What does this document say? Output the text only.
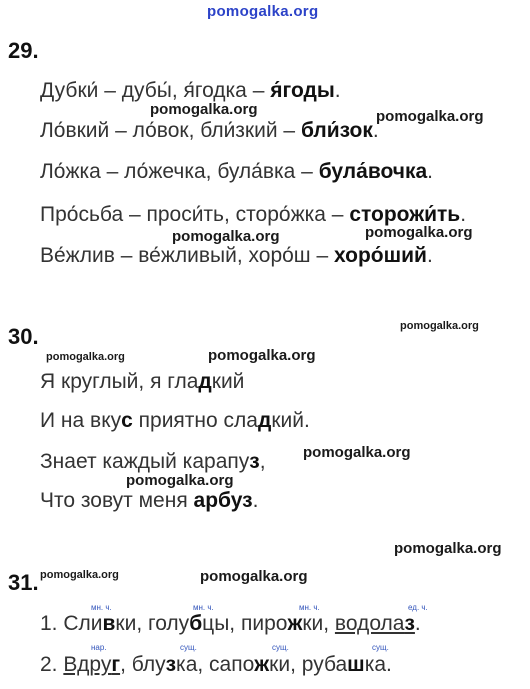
pomogalka.org
29.
Дубки́ – дубы́, я́годка – я́годы.
pomogalka.org	pomogalka.org
Ло́вкий – ло́вок, бли́зкий – бли́зок.
Ло́жка – ло́жечка, була́вка – була́вочка.
Про́сьба – проси́ть, сторо́жка – сторожи́ть.
pomogalka.org	pomogalka.org
Ве́жлив – ве́жливый, хоро́ш – хоро́ший.
pomogalka.org
30.
pomogalka.org	pomogalka.org
Я круглый, я гладкий
И на вкус приятно сладкий.
pomogalka.org
Знает каждый карапуз,
pomogalka.org
Что зовут меня арбуз.
pomogalka.org
31. pomogalka.org	pomogalka.org
мн. ч.	мн. ч.	мн. ч.	ед. ч.
1. Сливки, голубцы, пирожки, водолаз.
нар.	сущ.	сущ.	сущ.
2. Вдруг, блузка, сапожки, рубашка.
